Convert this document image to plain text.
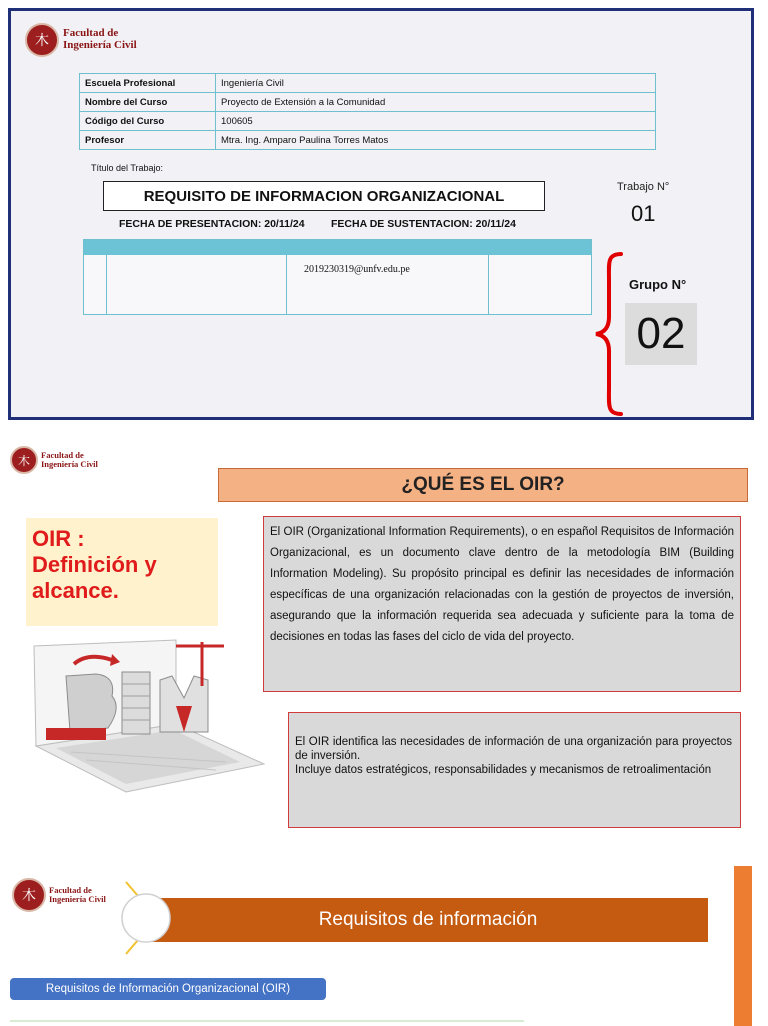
木	Facultad de
Ingeniería Civil
Escuela Profesional	Ingeniería Civil
Nombre del Curso	Proyecto de Extensión a la Comunidad
Código del Curso	100605
Profesor	Mtra. Ing. Amparo Paulina Torres Matos
Título del Trabajo:
REQUISITO DE INFORMACION ORGANIZACIONAL
FECHA DE PRESENTACION: 20/11/24	FECHA DE SUSTENTACION: 20/11/24
Trabajo N°
01
2019230319@unfv.edu.pe
Grupo N°
02
木	Facultad de
Ingeniería Civil
¿QUÉ ES EL OIR?
OIR :
Definición y
alcance.
El OIR (Organizational Information Requirements), o en español Requisitos de Información Organizacional, es un documento clave dentro de la metodología BIM (Building Information Modeling). Su propósito principal es definir las necesidades de información específicas de una organización relacionadas con la gestión de proyectos de inversión, asegurando que la información requerida sea adecuada y suficiente para la toma de decisiones en todas las fases del ciclo de vida del proyecto.

El OIR identifica las necesidades de información de una organización para proyectos de inversión.

Incluye datos estratégicos, responsabilidades y mecanismos de retroalimentación

木	Facultad de
Ingeniería Civil
Requisitos de información
Requisitos de Información Organizacional (OIR)
